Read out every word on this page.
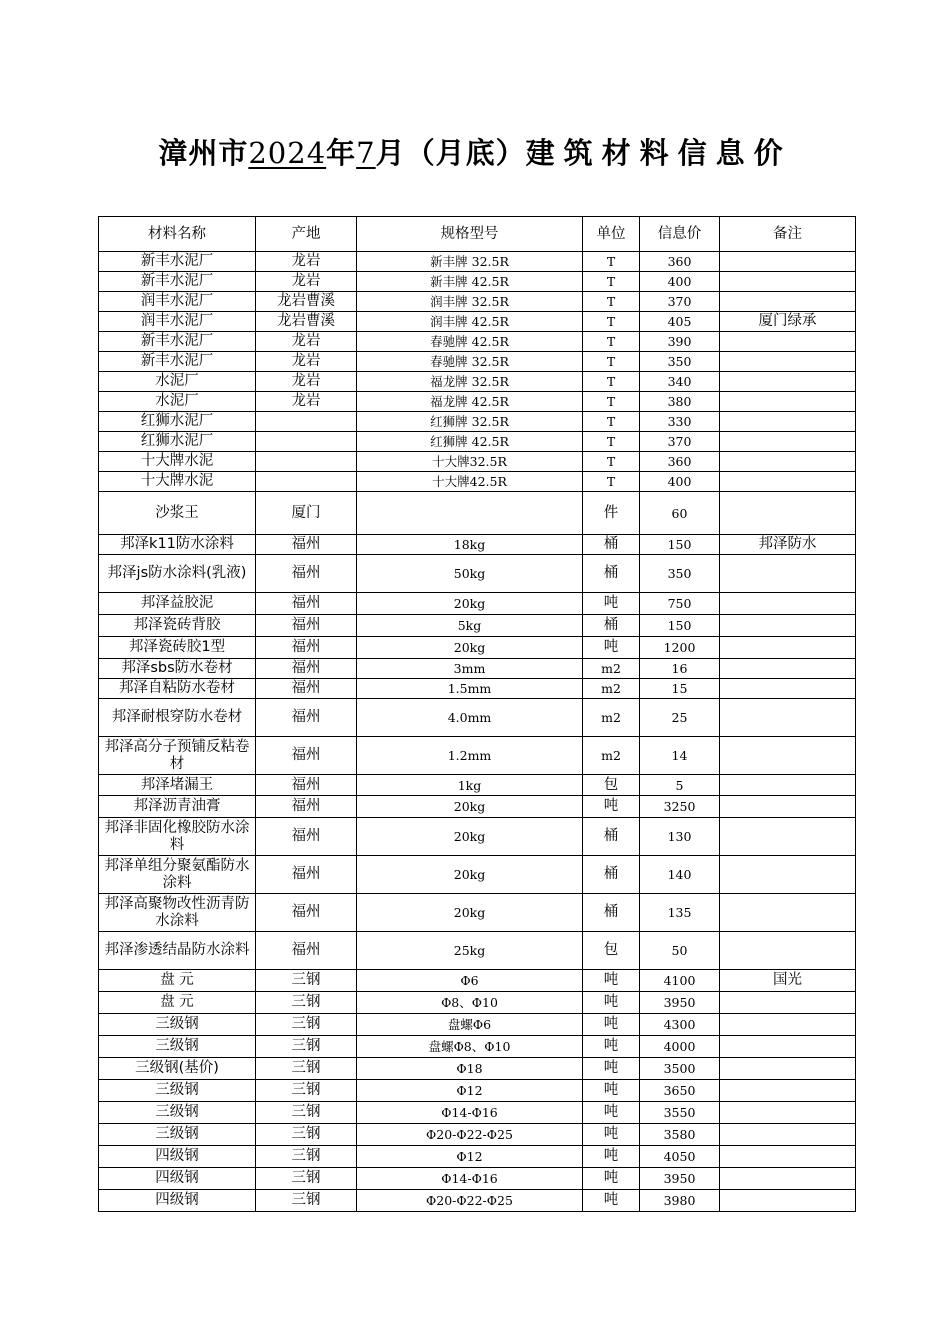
漳州市2024年7月（月底）建筑材料信息价
材料名称	产地	规格型号	单位	信息价	备注
新丰水泥厂	龙岩	新丰牌 32.5R	T	360	
新丰水泥厂	龙岩	新丰牌 42.5R	T	400	
润丰水泥厂	龙岩曹溪	润丰牌 32.5R	T	370	
润丰水泥厂	龙岩曹溪	润丰牌 42.5R	T	405	厦门绿承
新丰水泥厂	龙岩	春驰牌 42.5R	T	390	
新丰水泥厂	龙岩	春驰牌 32.5R	T	350	
水泥厂	龙岩	福龙牌 32.5R	T	340	
水泥厂	龙岩	福龙牌 42.5R	T	380	
红狮水泥厂		红狮牌 32.5R	T	330	
红狮水泥厂		红狮牌 42.5R	T	370	
十大牌水泥		十大牌32.5R	T	360	
十大牌水泥		十大牌42.5R	T	400	
沙浆王	厦门		件	60	
邦泽k11防水涂料	福州	18kg	桶	150	邦泽防水
邦泽js防水涂料(乳液)	福州	50kg	桶	350	
邦泽益胶泥	福州	20kg	吨	750	
邦泽瓷砖背胶	福州	5kg	桶	150	
邦泽瓷砖胶1型	福州	20kg	吨	1200	
邦泽sbs防水卷材	福州	3mm	m2	16	
邦泽自粘防水卷材	福州	1.5mm	m2	15	
邦泽耐根穿防水卷材	福州	4.0mm	m2	25	
邦泽高分子预铺反粘卷材	福州	1.2mm	m2	14	
邦泽堵漏王	福州	1kg	包	5	
邦泽沥青油膏	福州	20kg	吨	3250	
邦泽非固化橡胶防水涂料	福州	20kg	桶	130	
邦泽单组分聚氨酯防水涂料	福州	20kg	桶	140	
邦泽高聚物改性沥青防水涂料	福州	20kg	桶	135	
邦泽渗透结晶防水涂料	福州	25kg	包	50	
盘 元	三钢	Φ6	吨	4100	国光
盘 元	三钢	Φ8、Φ10	吨	3950	
三级钢	三钢	盘螺Φ6	吨	4300	
三级钢	三钢	盘螺Φ8、Φ10	吨	4000	
三级钢(基价)	三钢	Φ18	吨	3500	
三级钢	三钢	Φ12	吨	3650	
三级钢	三钢	Φ14-Φ16	吨	3550	
三级钢	三钢	Φ20-Φ22-Φ25	吨	3580	
四级钢	三钢	Φ12	吨	4050	
四级钢	三钢	Φ14-Φ16	吨	3950	
四级钢	三钢	Φ20-Φ22-Φ25	吨	3980	
